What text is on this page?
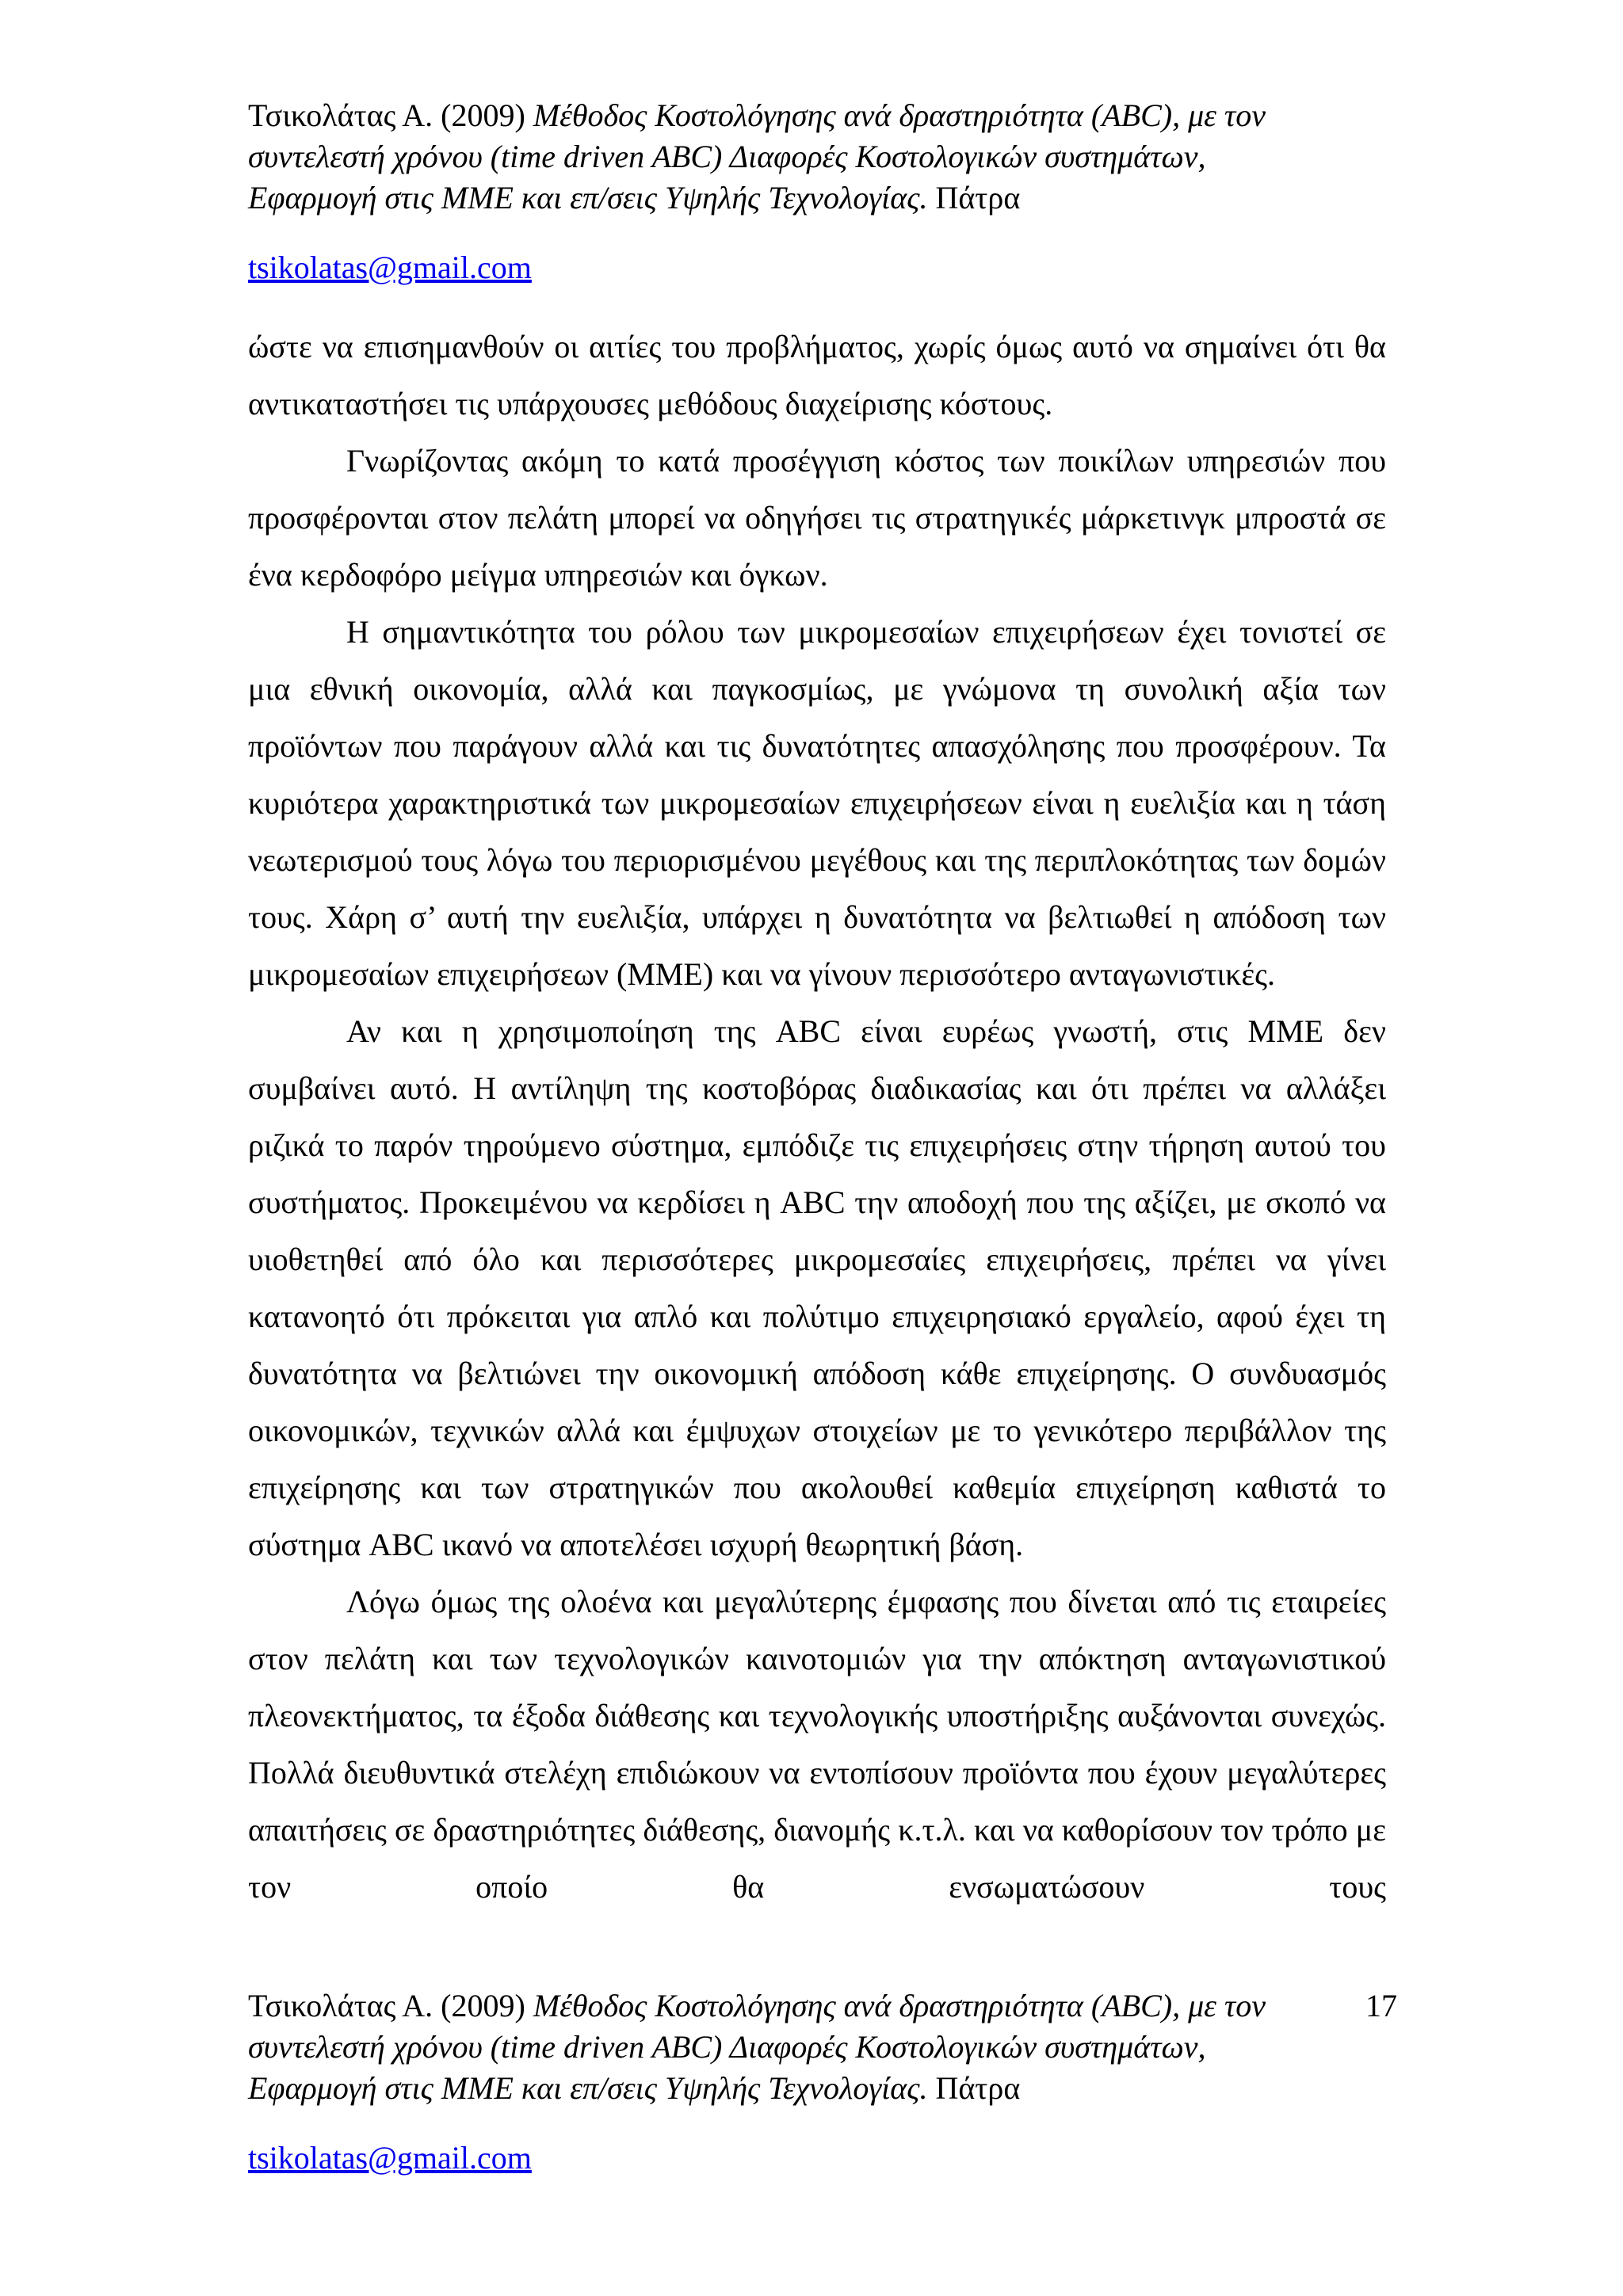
Τσικολάτας Α. (2009) Μέθοδος Κοστολόγησης ανά δραστηριότητα (ABC), με τον
συντελεστή χρόνου (time driven ABC) Διαφορές Κοστολογικών συστημάτων,
Εφαρμογή στις ΜΜΕ και επ/σεις Υψηλής Τεχνολογίας. Πάτρα

tsikolatas@gmail.com

ώστε να επισημανθούν οι αιτίες του προβλήματος, χωρίς όμως αυτό να σημαίνει ότι θα αντικαταστήσει τις υπάρχουσες μεθόδους διαχείρισης κόστους.

Γνωρίζοντας ακόμη το κατά προσέγγιση κόστος των ποικίλων υπηρεσιών που προσφέρονται στον πελάτη μπορεί να οδηγήσει τις στρατηγικές μάρκετινγκ μπροστά σε ένα κερδοφόρο μείγμα υπηρεσιών και όγκων.

Η σημαντικότητα του ρόλου των μικρομεσαίων επιχειρήσεων έχει τονιστεί σε μια εθνική οικονομία, αλλά και παγκοσμίως, με γνώμονα τη συνολική αξία των προϊόντων που παράγουν αλλά και τις δυνατότητες απασχόλησης που προσφέρουν. Τα κυριότερα χαρακτηριστικά των μικρομεσαίων επιχειρήσεων είναι η ευελιξία και η τάση νεωτερισμού τους λόγω του περιορισμένου μεγέθους και της περιπλοκότητας των δομών τους. Χάρη σ’ αυτή την ευελιξία, υπάρχει η δυνατότητα να βελτιωθεί η απόδοση των μικρομεσαίων επιχειρήσεων (ΜΜΕ) και να γίνουν περισσότερο ανταγωνιστικές.

Αν και η χρησιμοποίηση της ABC είναι ευρέως γνωστή, στις ΜΜΕ δεν συμβαίνει αυτό. Η αντίληψη της κοστοβόρας διαδικασίας και ότι πρέπει να αλλάξει ριζικά το παρόν τηρούμενο σύστημα, εμπόδιζε τις επιχειρήσεις στην τήρηση αυτού του συστήματος. Προκειμένου να κερδίσει η ABC την αποδοχή που της αξίζει, με σκοπό να υιοθετηθεί από όλο και περισσότερες μικρομεσαίες επιχειρήσεις, πρέπει να γίνει κατανοητό ότι πρόκειται για απλό και πολύτιμο επιχειρησιακό εργαλείο, αφού έχει τη δυνατότητα να βελτιώνει την οικονομική απόδοση κάθε επιχείρησης. Ο συνδυασμός οικονομικών, τεχνικών αλλά και έμψυχων στοιχείων με το γενικότερο περιβάλλον της επιχείρησης και των στρατηγικών που ακολουθεί καθεμία επιχείρηση καθιστά το σύστημα ABC ικανό να αποτελέσει ισχυρή θεωρητική βάση.

Λόγω όμως της ολοένα και μεγαλύτερης έμφασης που δίνεται από τις εταιρείες στον πελάτη και των τεχνολογικών καινοτομιών για την απόκτηση ανταγωνιστικού πλεονεκτήματος, τα έξοδα διάθεσης και τεχνολογικής υποστήριξης αυξάνονται συνεχώς. Πολλά διευθυντικά στελέχη επιδιώκουν να εντοπίσουν προϊόντα που έχουν μεγαλύτερες απαιτήσεις σε δραστηριότητες διάθεσης, διανομής κ.τ.λ. και να καθορίσουν τον τρόπο με τον οποίο θα ενσωματώσουν τους

17

Τσικολάτας Α. (2009) Μέθοδος Κοστολόγησης ανά δραστηριότητα (ABC), με τον
συντελεστή χρόνου (time driven ABC) Διαφορές Κοστολογικών συστημάτων,
Εφαρμογή στις ΜΜΕ και επ/σεις Υψηλής Τεχνολογίας. Πάτρα

tsikolatas@gmail.com
